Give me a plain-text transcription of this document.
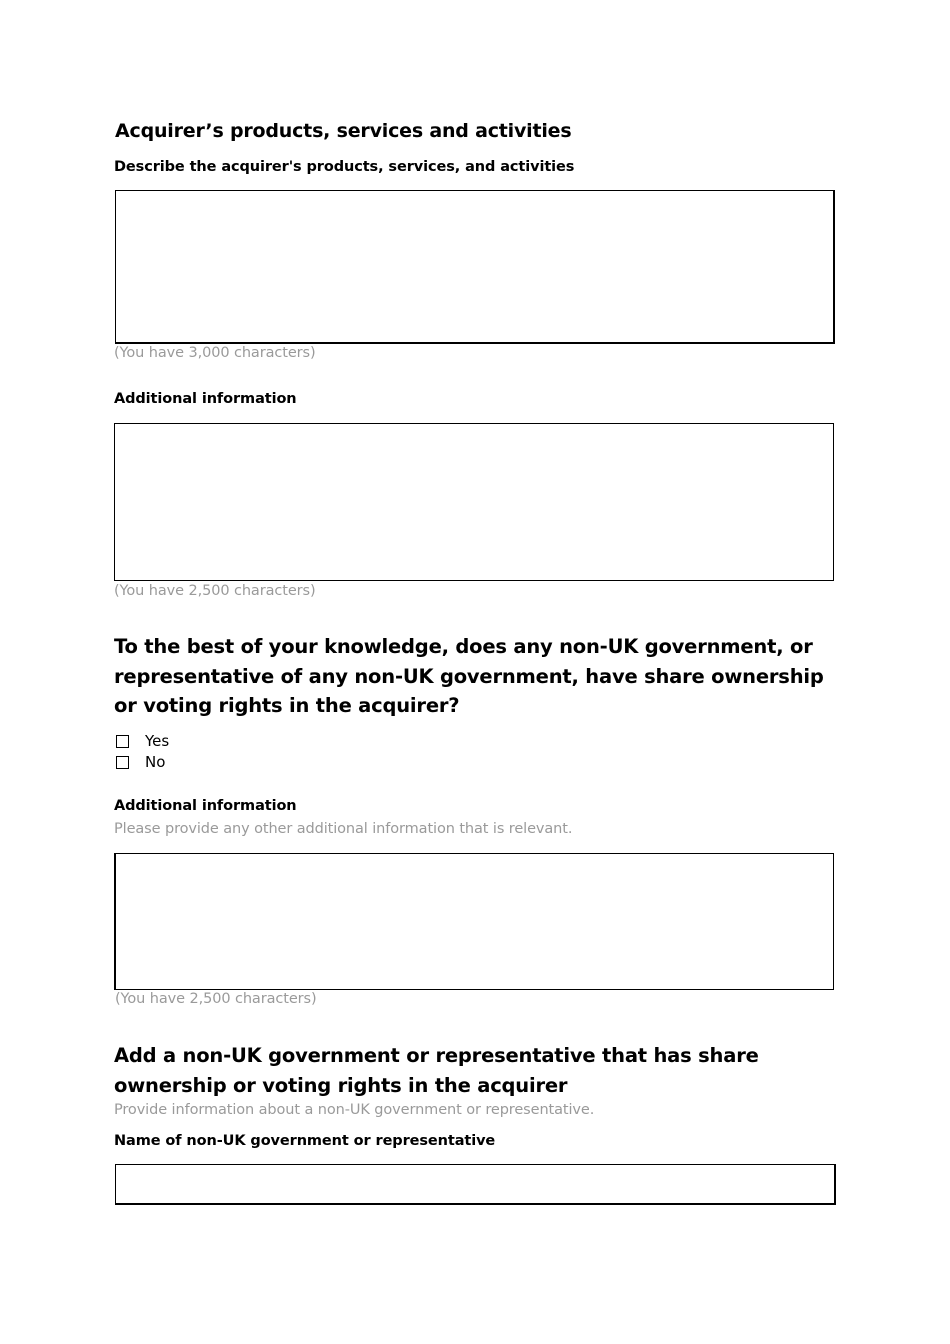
Acquirer’s products, services and activities
Describe the acquirer's products, services, and activities
(You have 3,000 characters)
Additional information
(You have 2,500 characters)
To the best of your knowledge, does any non-UK government, or representative of any non-UK government, have share ownership or voting rights in the acquirer?
Yes
No
Additional information
Please provide any other additional information that is relevant.
(You have 2,500 characters)
Add a non-UK government or representative that has share ownership or voting rights in the acquirer
Provide information about a non-UK government or representative.
Name of non-UK government or representative
